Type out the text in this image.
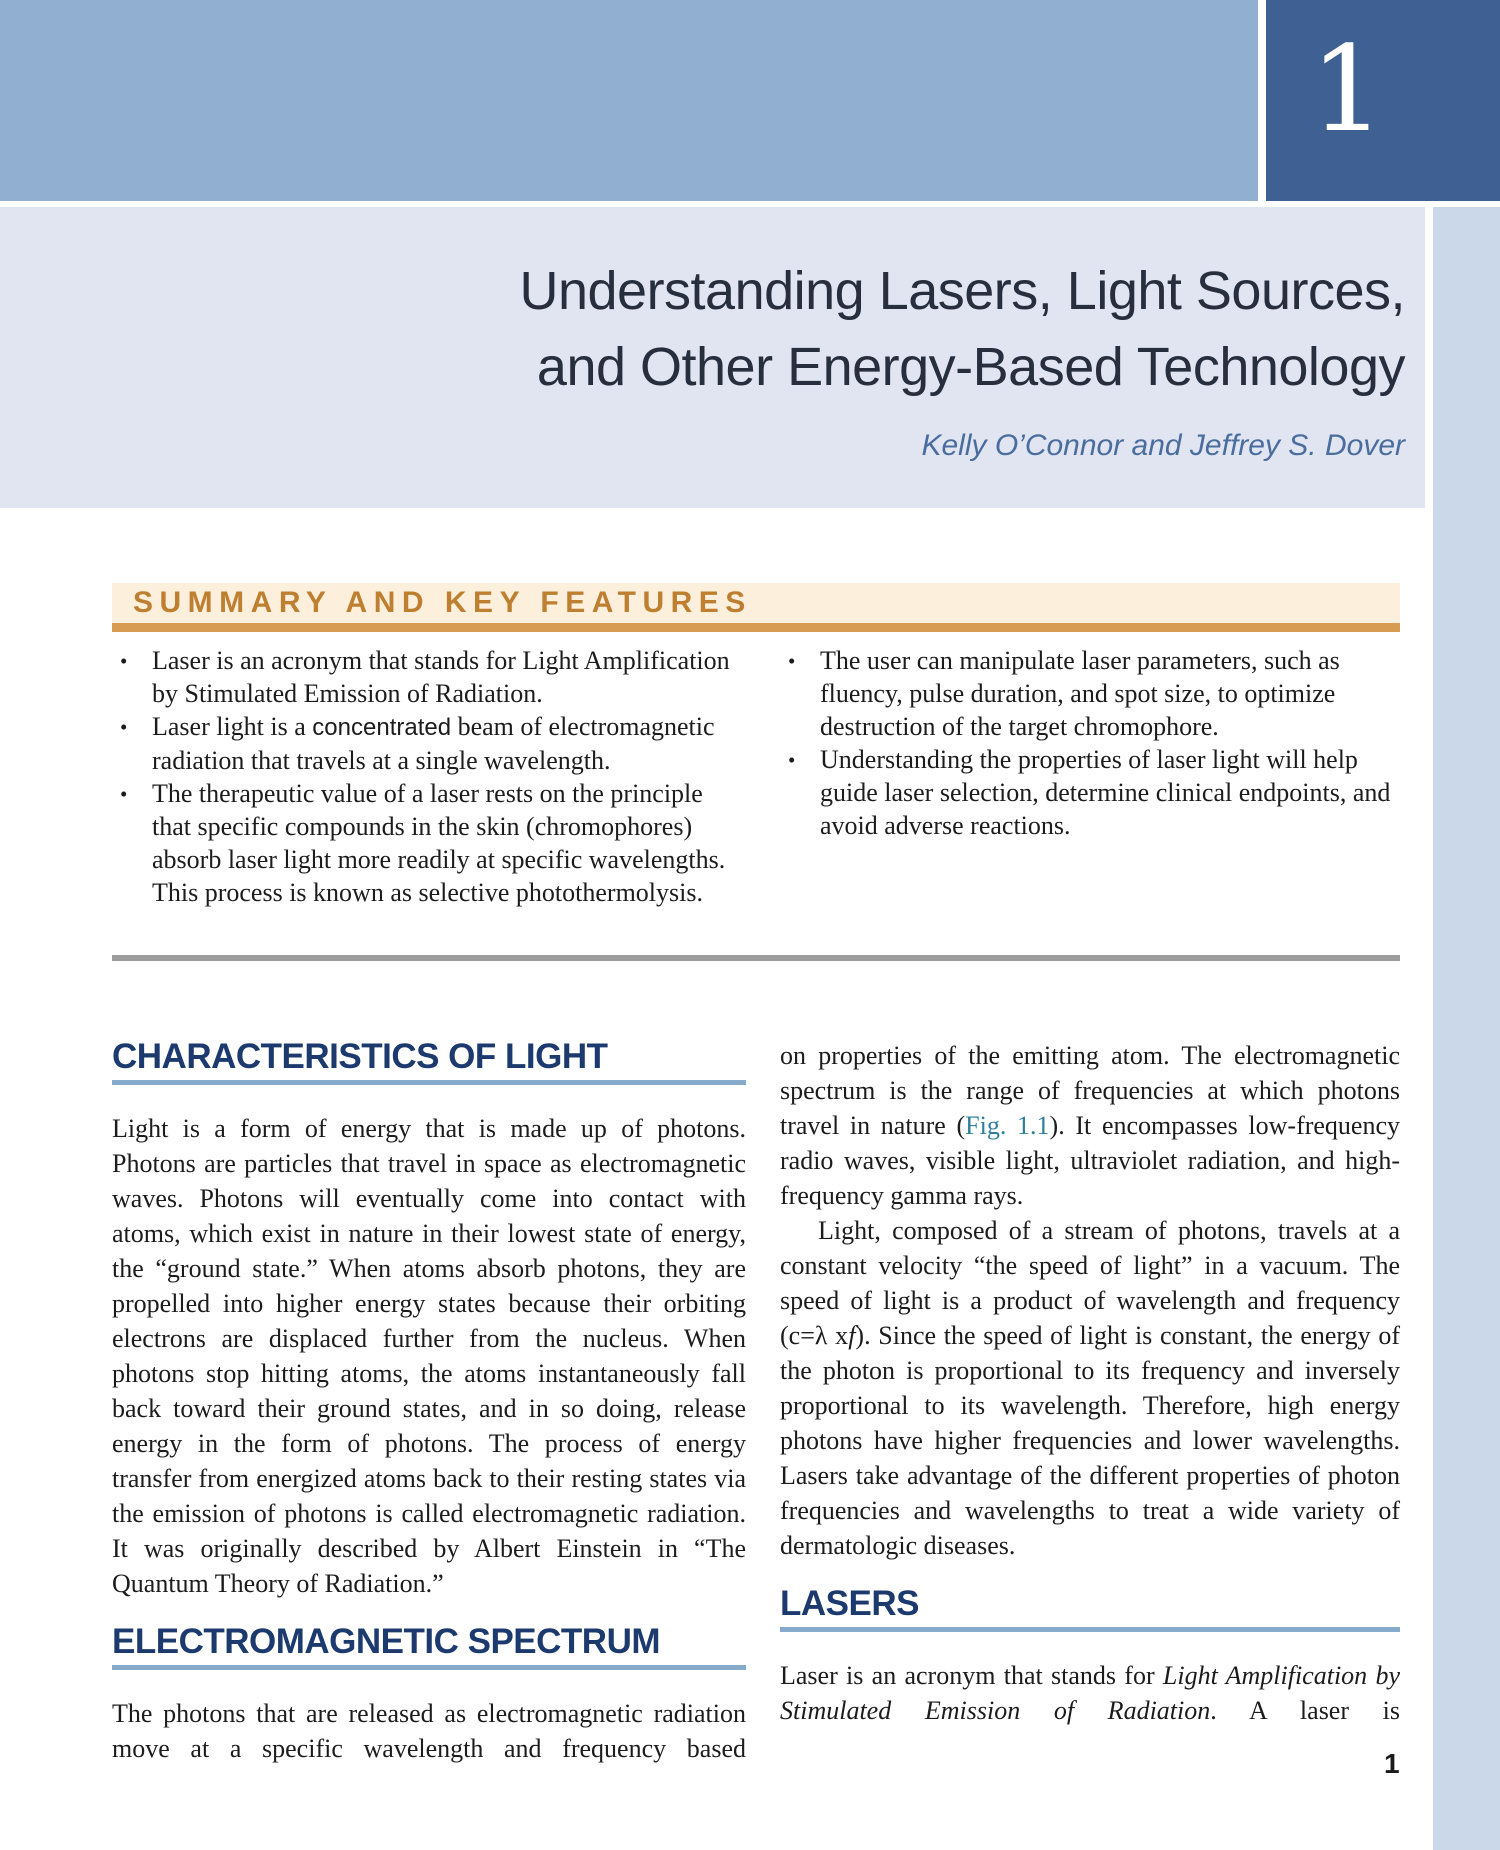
1
Understanding Lasers, Light Sources,
and Other Energy-Based Technology
Kelly O’Connor and Jeffrey S. Dover
SUMMARY AND KEY FEATURES
• Laser is an acronym that stands for Light Amplification by Stimulated Emission of Radiation.
• Laser light is a concentrated beam of electromagnetic radiation that travels at a single wavelength.
• The therapeutic value of a laser rests on the principle that specific compounds in the skin (chromophores) absorb laser light more readily at specific wavelengths. This process is known as selective photothermolysis.
• The user can manipulate laser parameters, such as fluency, pulse duration, and spot size, to optimize destruction of the target chromophore.
• Understanding the properties of laser light will help guide laser selection, determine clinical endpoints, and avoid adverse reactions.
CHARACTERISTICS OF LIGHT

Light is a form of energy that is made up of photons. Photons are particles that travel in space as electromagnetic waves. Photons will eventually come into contact with atoms, which exist in nature in their lowest state of energy, the “ground state.” When atoms absorb photons, they are propelled into higher energy states because their orbiting electrons are displaced further from the nucleus. When photons stop hitting atoms, the atoms instantaneously fall back toward their ground states, and in so doing, release energy in the form of photons. The process of energy transfer from energized atoms back to their resting states via the emission of photons is called electromagnetic radiation. It was originally described by Albert Einstein in “The Quantum Theory of Radiation.”

ELECTROMAGNETIC SPECTRUM

The photons that are released as electromagnetic radiation move at a specific wavelength and frequency based

on properties of the emitting atom. The electromagnetic spectrum is the range of frequencies at which photons travel in nature (Fig. 1.1). It encompasses low-frequency radio waves, visible light, ultraviolet radiation, and high-frequency gamma rays.

Light, composed of a stream of photons, travels at a constant velocity “the speed of light” in a vacuum. The speed of light is a product of wavelength and frequency (c=λ xf). Since the speed of light is constant, the energy of the photon is proportional to its frequency and inversely proportional to its wavelength. Therefore, high energy photons have higher frequencies and lower wavelengths. Lasers take advantage of the different properties of photon frequencies and wavelengths to treat a wide variety of dermatologic diseases.

LASERS

Laser is an acronym that stands for Light Amplification by Stimulated Emission of Radiation. A laser is

1
